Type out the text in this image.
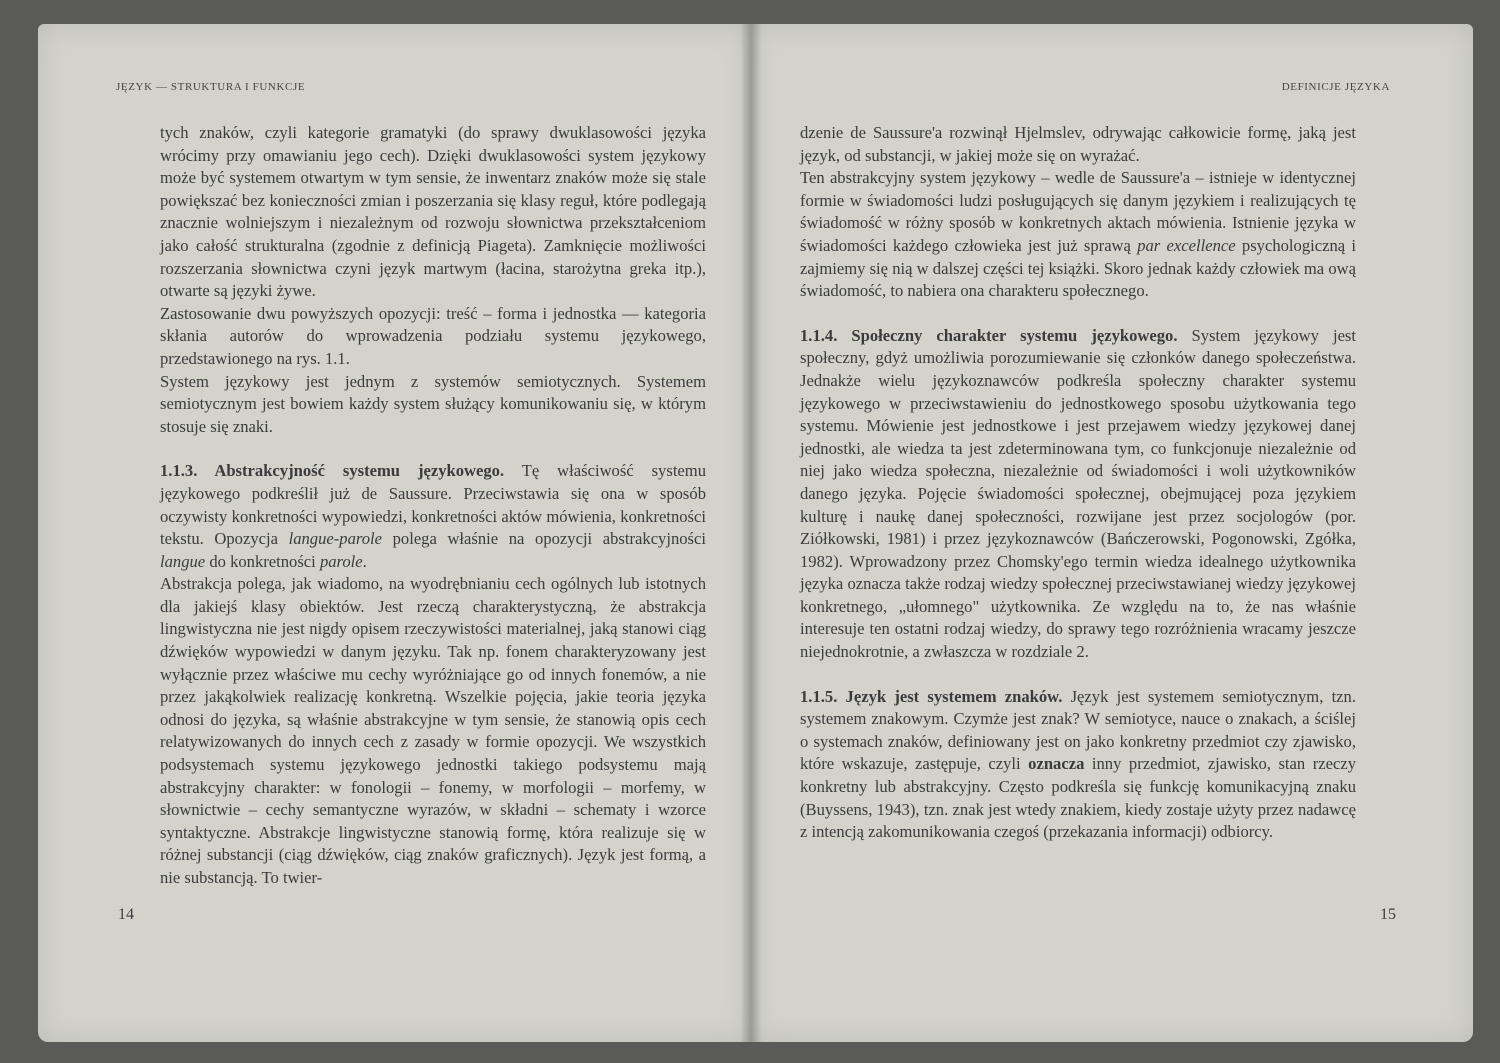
JĘZYK — STRUKTURA I FUNKCJE

tych znaków, czyli kategorie gramatyki (do sprawy dwuklasowości języka wrócimy przy omawianiu jego cech). Dzięki dwuklasowości system językowy może być systemem otwartym w tym sensie, że inwentarz znaków może się stale powiększać bez konieczności zmian i poszerzania się klasy reguł, które podlegają znacznie wolniejszym i niezależnym od rozwoju słownictwa przekształceniom jako całość strukturalna (zgodnie z definicją Piageta). Zamknięcie możliwości rozszerzania słownictwa czyni język martwym (łacina, starożytna greka itp.), otwarte są języki żywe.

Zastosowanie dwu powyższych opozycji: treść – forma i jednostka — kategoria skłania autorów do wprowadzenia podziału systemu językowego, przedstawionego na rys. 1.1.

System językowy jest jednym z systemów semiotycznych. Systemem semiotycznym jest bowiem każdy system służący komunikowaniu się, w którym stosuje się znaki.

1.1.3. Abstrakcyjność systemu językowego. Tę właściwość systemu językowego podkreślił już de Saussure. Przeciwstawia się ona w sposób oczywisty konkretności wypowiedzi, konkretności aktów mówienia, konkretności tekstu. Opozycja langue-parole polega właśnie na opozycji abstrakcyjności langue do konkretności parole.

Abstrakcja polega, jak wiadomo, na wyodrębnianiu cech ogólnych lub istotnych dla jakiejś klasy obiektów. Jest rzeczą charakterystyczną, że abstrakcja lingwistyczna nie jest nigdy opisem rzeczywistości materialnej, jaką stanowi ciąg dźwięków wypowiedzi w danym języku. Tak np. fonem charakteryzowany jest wyłącznie przez właściwe mu cechy wyróżniające go od innych fonemów, a nie przez jakąkolwiek realizację konkretną. Wszelkie pojęcia, jakie teoria języka odnosi do języka, są właśnie abstrakcyjne w tym sensie, że stanowią opis cech relatywizowanych do innych cech z zasady w formie opozycji. We wszystkich podsystemach systemu językowego jednostki takiego podsystemu mają abstrakcyjny charakter: w fonologii – fonemy, w morfologii – morfemy, w słownictwie – cechy semantyczne wyrazów, w składni – schematy i wzorce syntaktyczne. Abstrakcje lingwistyczne stanowią formę, która realizuje się w różnej substancji (ciąg dźwięków, ciąg znaków graficznych). Język jest formą, a nie substancją. To twier-

14
DEFINICJE JĘZYKA

dzenie de Saussure'a rozwinął Hjelmslev, odrywając całkowicie formę, jaką jest język, od substancji, w jakiej może się on wyrażać.

Ten abstrakcyjny system językowy – wedle de Saussure'a – istnieje w identycznej formie w świadomości ludzi posługujących się danym językiem i realizujących tę świadomość w różny sposób w konkretnych aktach mówienia. Istnienie języka w świadomości każdego człowieka jest już sprawą par excellence psychologiczną i zajmiemy się nią w dalszej części tej książki. Skoro jednak każdy człowiek ma ową świadomość, to nabiera ona charakteru społecznego.

1.1.4. Społeczny charakter systemu językowego. System językowy jest społeczny, gdyż umożliwia porozumiewanie się członków danego społeczeństwa. Jednakże wielu językoznawców podkreśla społeczny charakter systemu językowego w przeciwstawieniu do jednostkowego sposobu użytkowania tego systemu. Mówienie jest jednostkowe i jest przejawem wiedzy językowej danej jednostki, ale wiedza ta jest zdeterminowana tym, co funkcjonuje niezależnie od niej jako wiedza społeczna, niezależnie od świadomości i woli użytkowników danego języka. Pojęcie świadomości społecznej, obejmującej poza językiem kulturę i naukę danej społeczności, rozwijane jest przez socjologów (por. Ziółkowski, 1981) i przez językoznawców (Bańczerowski, Pogonowski, Zgółka, 1982). Wprowadzony przez Chomsky'ego termin wiedza idealnego użytkownika języka oznacza także rodzaj wiedzy społecznej przeciwstawianej wiedzy językowej konkretnego, „ułomnego" użytkownika. Ze względu na to, że nas właśnie interesuje ten ostatni rodzaj wiedzy, do sprawy tego rozróżnienia wracamy jeszcze niejednokrotnie, a zwłaszcza w rozdziale 2.

1.1.5. Język jest systemem znaków. Język jest systemem semiotycznym, tzn. systemem znakowym. Czymże jest znak? W semiotyce, nauce o znakach, a ściślej o systemach znaków, definiowany jest on jako konkretny przedmiot czy zjawisko, które wskazuje, zastępuje, czyli oznacza inny przedmiot, zjawisko, stan rzeczy konkretny lub abstrakcyjny. Często podkreśla się funkcję komunikacyjną znaku (Buyssens, 1943), tzn. znak jest wtedy znakiem, kiedy zostaje użyty przez nadawcę z intencją zakomunikowania czegoś (przekazania informacji) odbiorcy.

15
